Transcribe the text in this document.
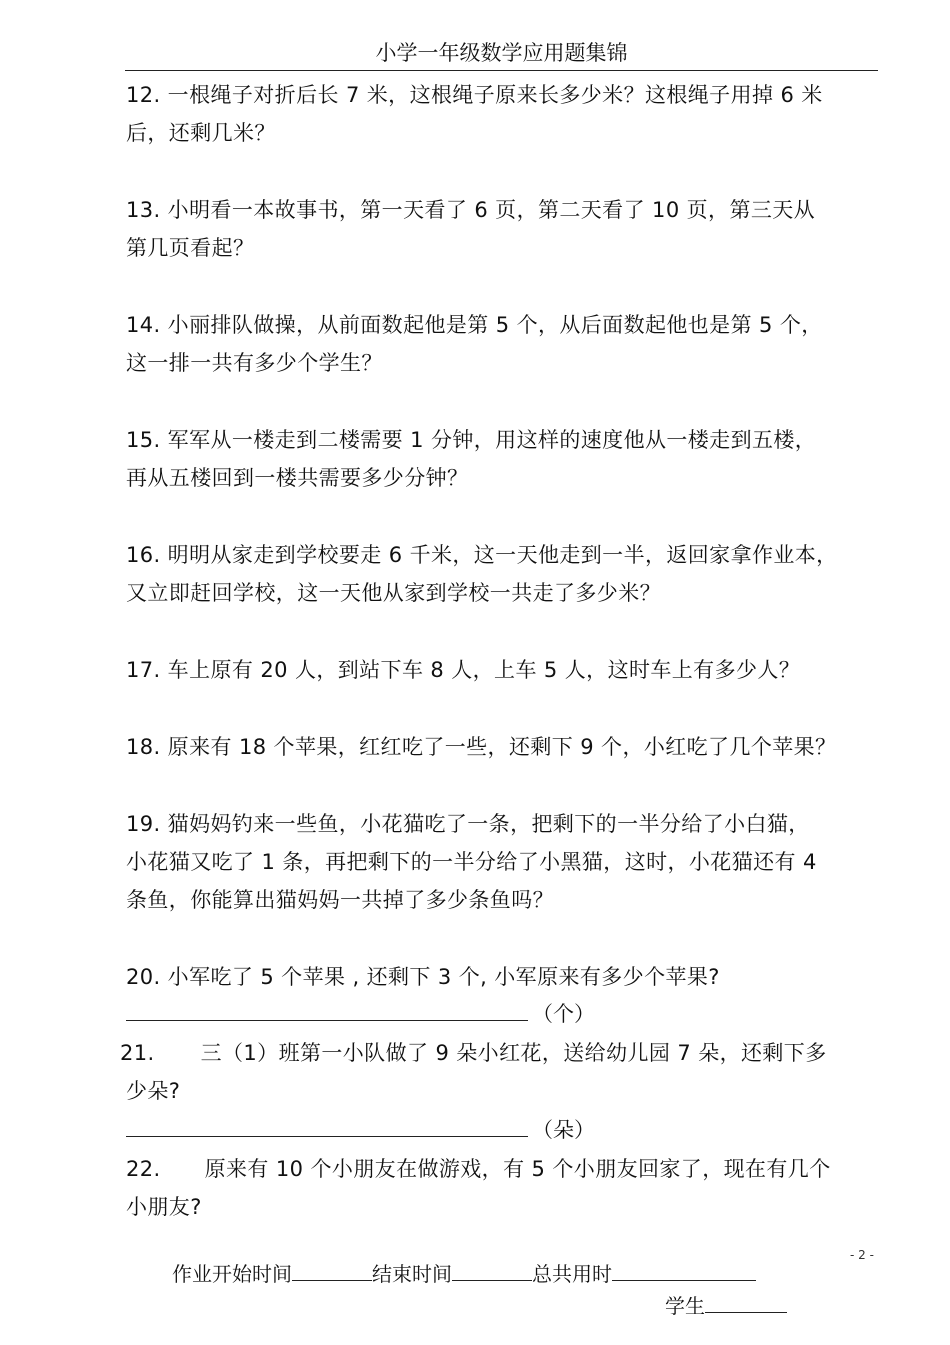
小学一年级数学应用题集锦

12. 一根绳子对折后长 7 米，这根绳子原来长多少米？这根绳子用掉 6 米

后，还剩几米？

13. 小明看一本故事书，第一天看了 6 页，第二天看了 10 页，第三天从

第几页看起？

14. 小丽排队做操，从前面数起他是第 5 个，从后面数起他也是第 5 个，

这一排一共有多少个学生？

15. 军军从一楼走到二楼需要 1 分钟，用这样的速度他从一楼走到五楼，

再从五楼回到一楼共需要多少分钟？

16. 明明从家走到学校要走 6 千米，这一天他走到一半，返回家拿作业本，

又立即赶回学校，这一天他从家到学校一共走了多少米？

17. 车上原有 20 人，到站下车 8 人，上车 5 人，这时车上有多少人？

18. 原来有 18 个苹果，红红吃了一些，还剩下 9 个，小红吃了几个苹果？

19. 猫妈妈钓来一些鱼，小花猫吃了一条，把剩下的一半分给了小白猫，

小花猫又吃了 1 条，再把剩下的一半分给了小黑猫，这时，小花猫还有 4

条鱼，你能算出猫妈妈一共掉了多少条鱼吗？

20. 小军吃了 5 个苹果 , 还剩下 3 个, 小军原来有多少个苹果?

（个）

21. 三（1）班第一小队做了 9 朵小红花，送给幼儿园 7 朵，还剩下多

少朵?

（朵）

22. 原来有 10 个小朋友在做游戏，有 5 个小朋友回家了，现在有几个

小朋友?

- 2 -
作业开始时间	结束时间	总共用时
学生
